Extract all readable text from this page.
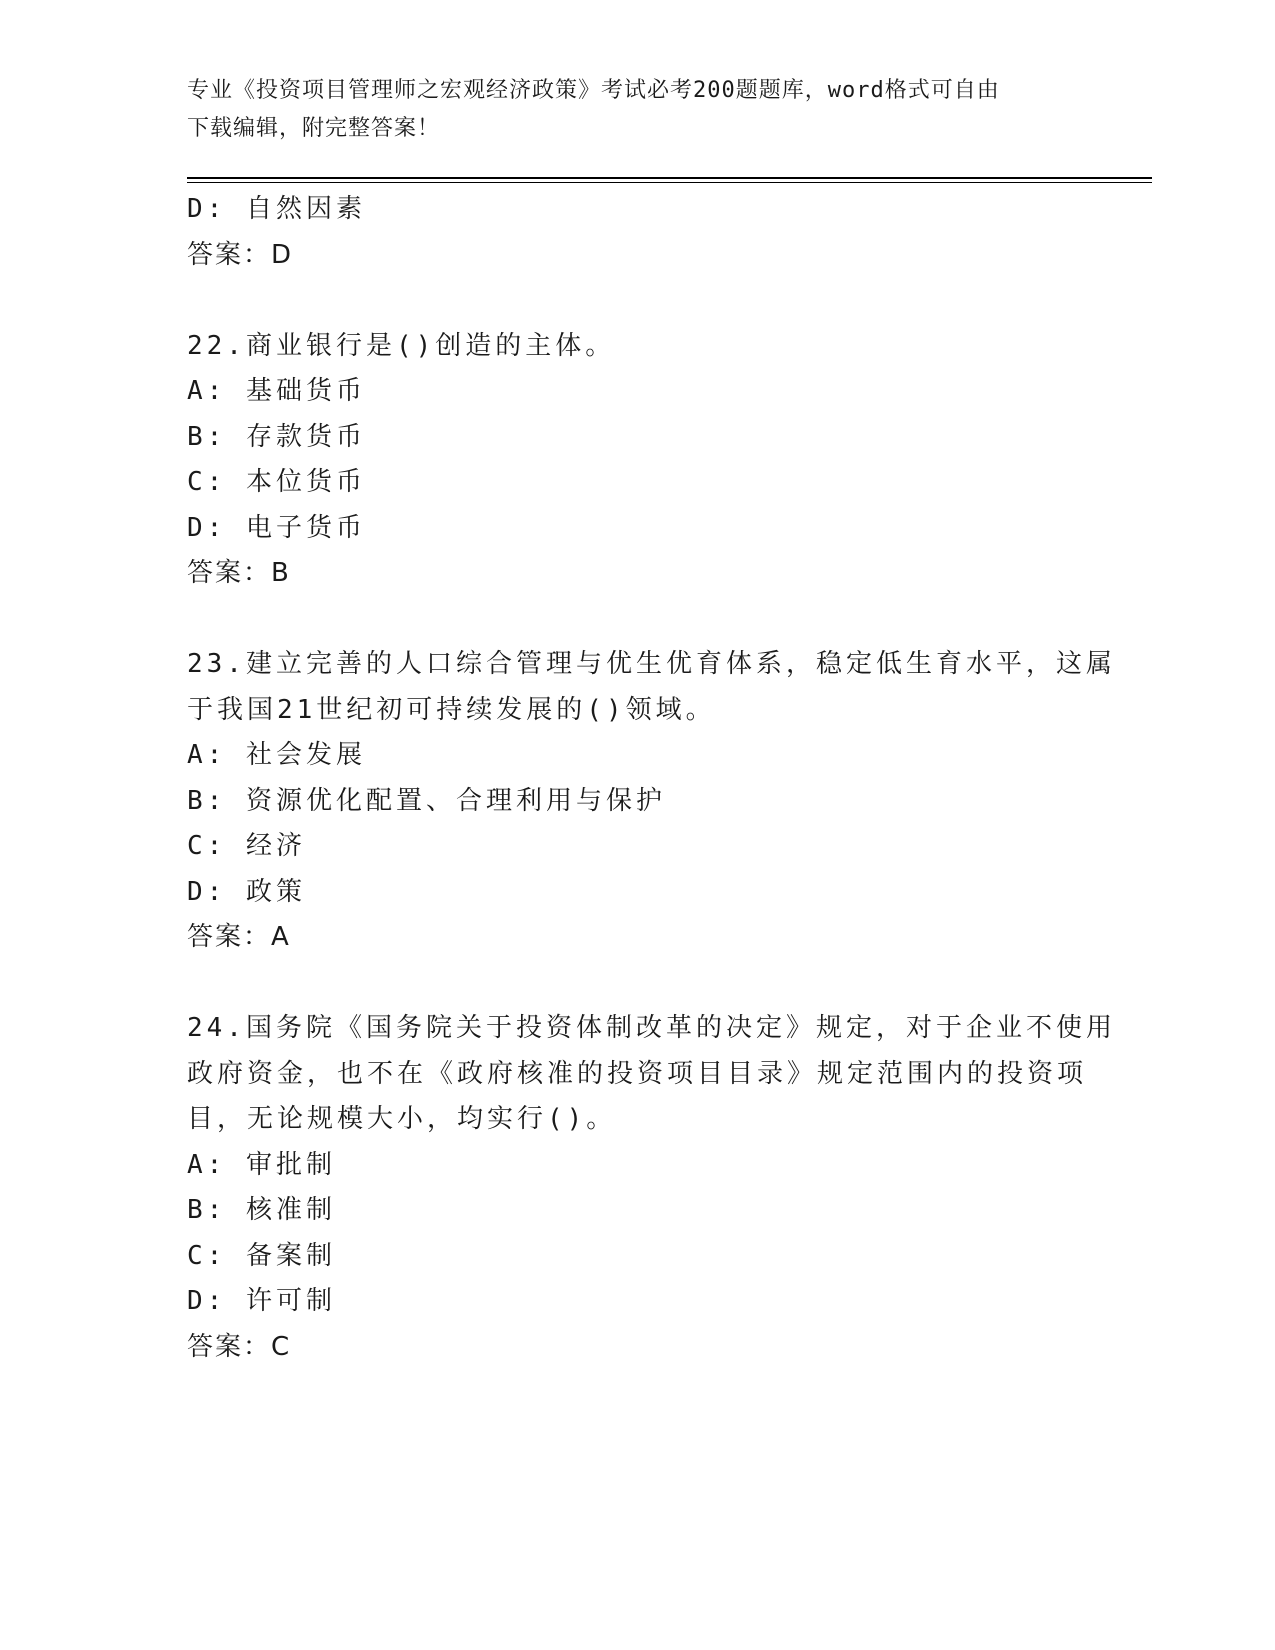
专业《投资项目管理师之宏观经济政策》考试必考200题题库，word格式可自由
下载编辑，附完整答案！
D: 自然因素
答案：D
22.商业银行是()创造的主体。
A: 基础货币
B: 存款货币
C: 本位货币
D: 电子货币
答案：B
23.建立完善的人口综合管理与优生优育体系，稳定低生育水平，这属
于我国21世纪初可持续发展的()领域。
A: 社会发展
B: 资源优化配置、合理利用与保护
C: 经济
D: 政策
答案：A
24.国务院《国务院关于投资体制改革的决定》规定，对于企业不使用
政府资金，也不在《政府核准的投资项目目录》规定范围内的投资项
目，无论规模大小，均实行()。
A: 审批制
B: 核准制
C: 备案制
D: 许可制
答案：C
